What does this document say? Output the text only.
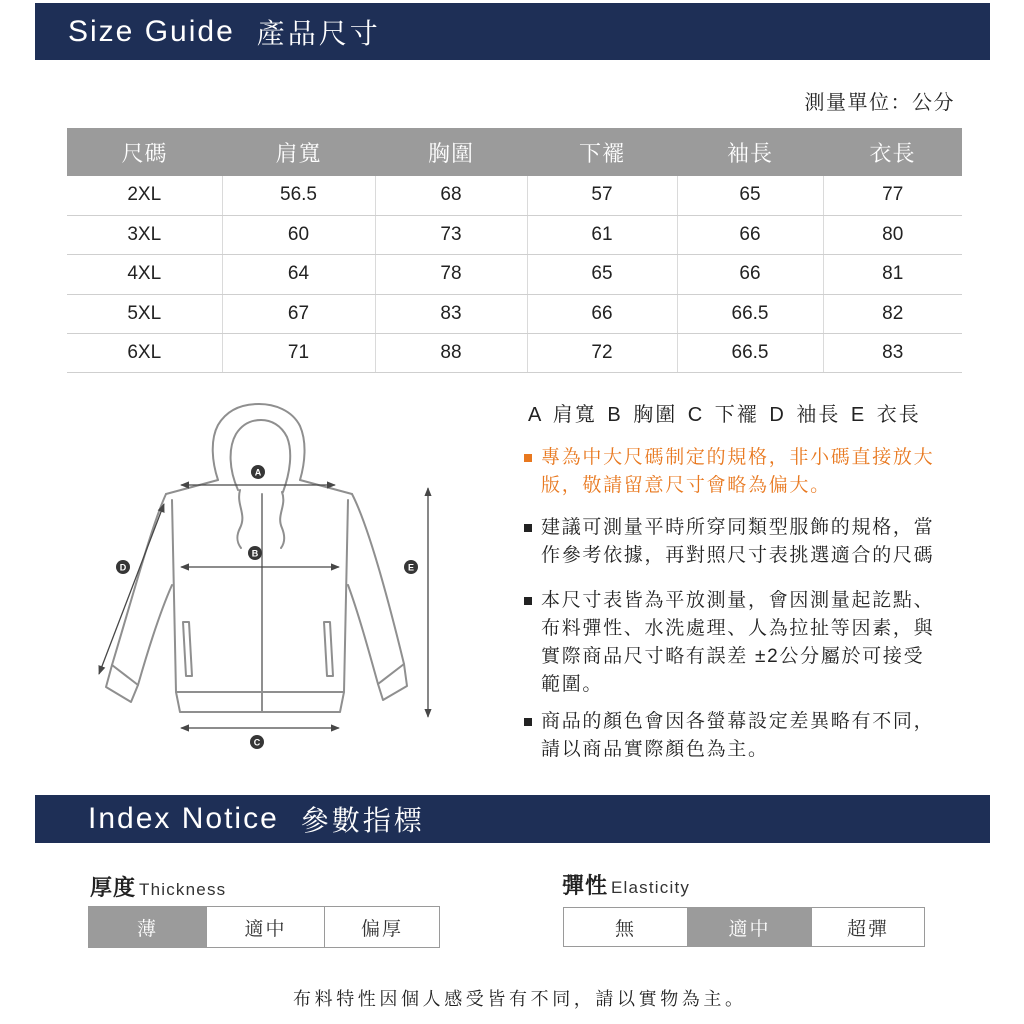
Size Guide 產品尺寸
測量單位：公分
尺碼	肩寬	胸圍	下襬	袖長	衣長
2XL	56.5	68	57	65	77
3XL	60	73	61	66	80
4XL	64	78	65	66	81
5XL	67	83	66	66.5	82
6XL	71	88	72	66.5	83
A
B
C
D	E
A 肩寬 B 胸圍 C 下襬 D 袖長 E 衣長
專為中大尺碼制定的規格，非小碼直接放大
版，敬請留意尺寸會略為偏大。
建議可測量平時所穿同類型服飾的規格，當
作參考依據，再對照尺寸表挑選適合的尺碼
本尺寸表皆為平放測量，會因測量起訖點、
布料彈性、水洗處理、人為拉扯等因素，與
實際商品尺寸略有誤差 ±2公分屬於可接受
範圍。
商品的顏色會因各螢幕設定差異略有不同，
請以商品實際顏色為主。
Index Notice 參數指標
厚度 Thickness
薄	適中	偏厚
彈性 Elasticity
無	適中	超彈
布料特性因個人感受皆有不同，請以實物為主。
